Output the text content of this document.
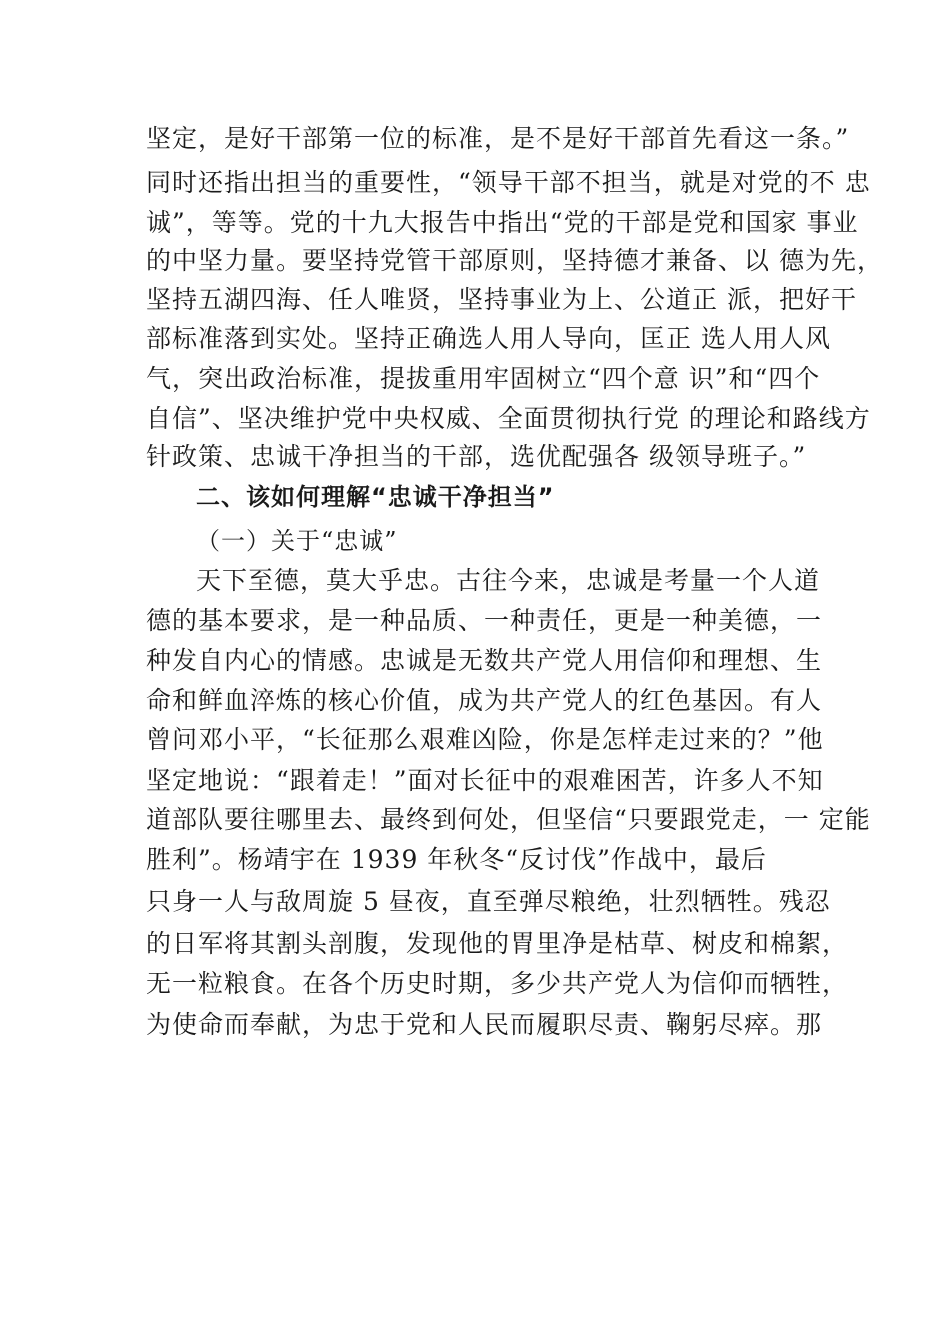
坚定，是好干部第一位的标准，是不是好干部首先看这一条。”
同时还指出担当的重要性，“领导干部不担当，就是对党的不 忠
诚”，等等。党的十九大报告中指出“党的干部是党和国家 事业
的中坚力量。要坚持党管干部原则，坚持德才兼备、以 德为先，
坚持五湖四海、任人唯贤，坚持事业为上、公道正 派，把好干
部标准落到实处。坚持正确选人用人导向，匡正 选人用人风
气，突出政治标准，提拔重用牢固树立“四个意 识”和“四个
自信”、坚决维护党中央权威、全面贯彻执行党 的理论和路线方
针政策、忠诚干净担当的干部，选优配强各 级领导班子。”
二、该如何理解“忠诚干净担当”
（一）关于“忠诚”
天下至德，莫大乎忠。古往今来，忠诚是考量一个人道
德的基本要求，是一种品质、一种责任，更是一种美德，一
种发自内心的情感。忠诚是无数共产党人用信仰和理想、生
命和鲜血淬炼的核心价值，成为共产党人的红色基因。有人
曾问邓小平，“长征那么艰难凶险，你是怎样走过来的？”他
坚定地说：“跟着走！”面对长征中的艰难困苦，许多人不知
道部队要往哪里去、最终到何处，但坚信“只要跟党走，一 定能
胜利”。杨靖宇在 1939 年秋冬“反讨伐”作战中，最后
只身一人与敌周旋 5 昼夜，直至弹尽粮绝，壮烈牺牲。残忍
的日军将其割头剖腹，发现他的胃里净是枯草、树皮和棉絮，
无一粒粮食。在各个历史时期，多少共产党人为信仰而牺牲，
为使命而奉献，为忠于党和人民而履职尽责、鞠躬尽瘁。那
